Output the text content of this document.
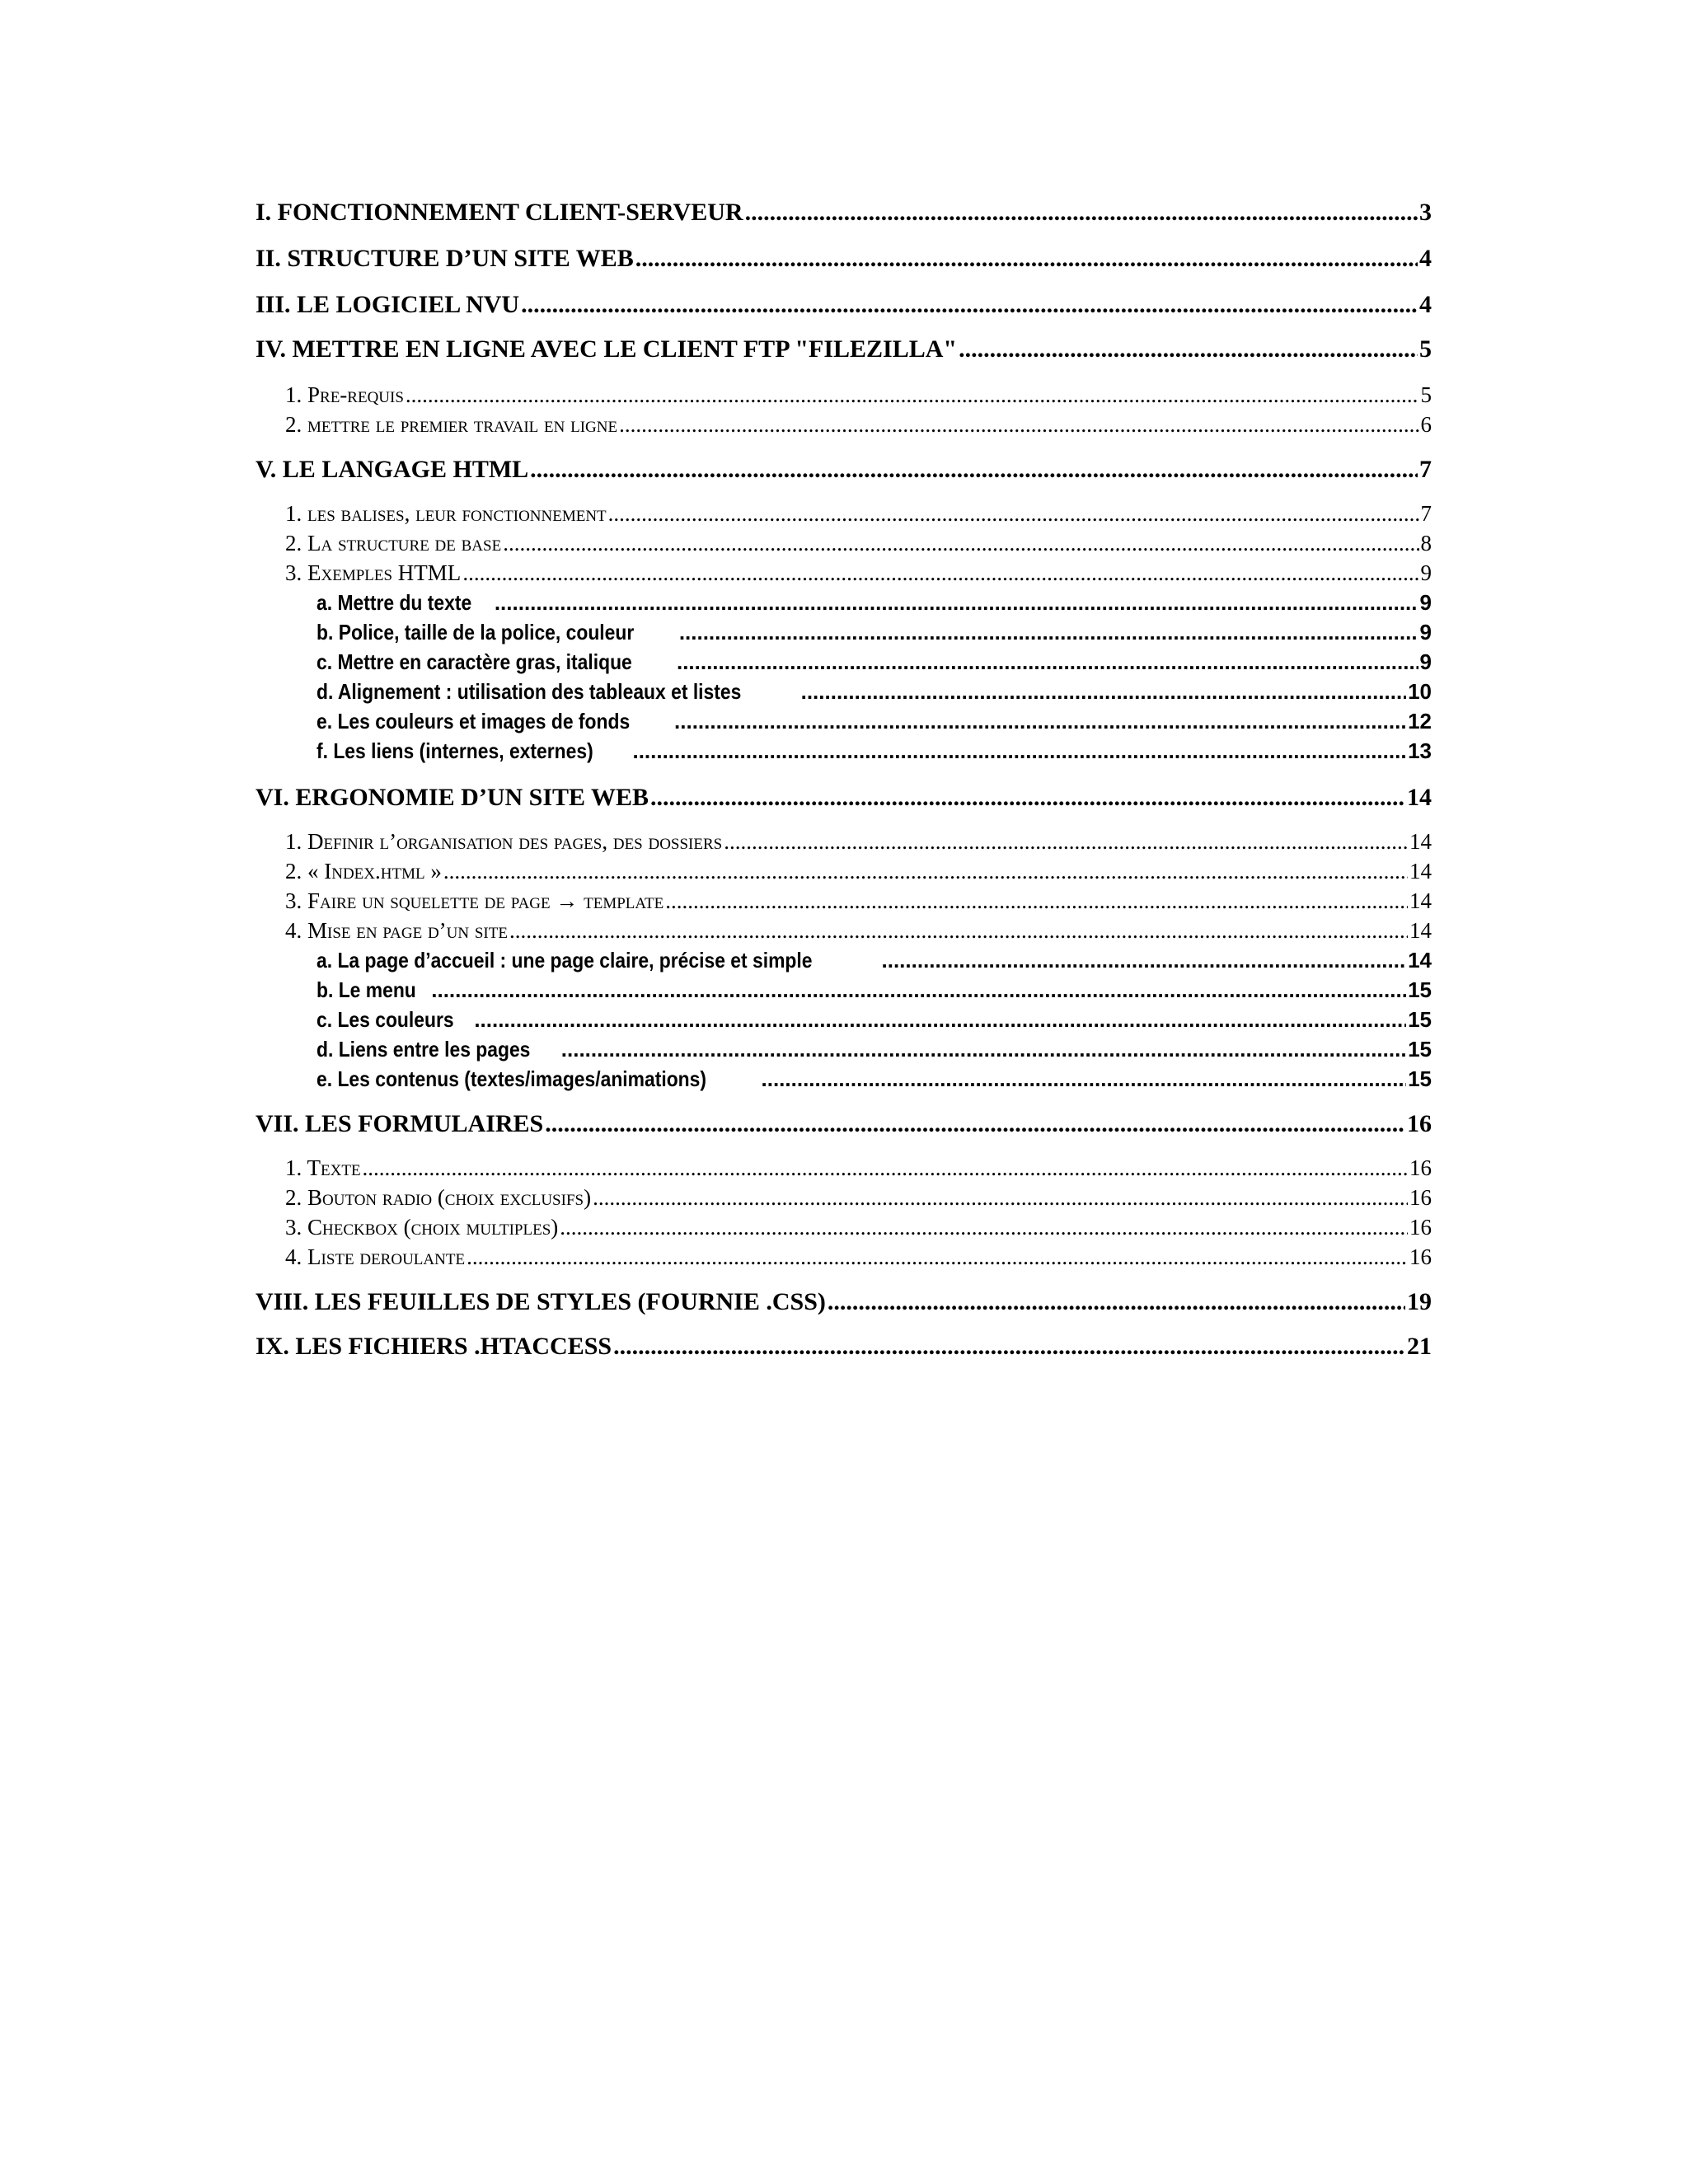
I. FONCTIONNEMENT CLIENT-SERVEUR .....	3
II. STRUCTURE D’UN SITE WEB .....	4
III. LE LOGICIEL NVU .....	4
IV. METTRE EN LIGNE AVEC LE CLIENT FTP "FILEZILLA" .....	5
1. Pre-requis .....	5
2. mettre le premier travail en ligne .....	6
V. LE LANGAGE HTML .....	7
1. les balises, leur fonctionnement .....	7
2. La structure de base .....	8
3. Exemples HTML .....	9
a. Mettre du texte .....	9
b. Police, taille de la police, couleur .....	9
c. Mettre en caractère gras, italique .....	9
d. Alignement : utilisation des tableaux et listes .....	10
e. Les couleurs et images de fonds .....	12
f. Les liens (internes, externes) .....	13
VI. ERGONOMIE D’UN SITE WEB .....	14
1. Definir l’organisation des pages, des dossiers .....	14
2. « Index.html » .....	14
3. Faire un squelette de page → template .....	14
4. Mise en page d’un site .....	14
a. La page d’accueil : une page claire, précise et simple .....	14
b. Le menu .....	15
c. Les couleurs .....	15
d. Liens entre les pages .....	15
e. Les contenus (textes/images/animations) .....	15
VII. LES FORMULAIRES .....	16
1. Texte .....	16
2. Bouton radio (choix exclusifs) .....	16
3. Checkbox (choix multiples) .....	16
4. Liste deroulante .....	16
VIII. LES FEUILLES DE STYLES (FOURNIE .CSS) .....	19
IX. LES FICHIERS .HTACCESS .....	21
